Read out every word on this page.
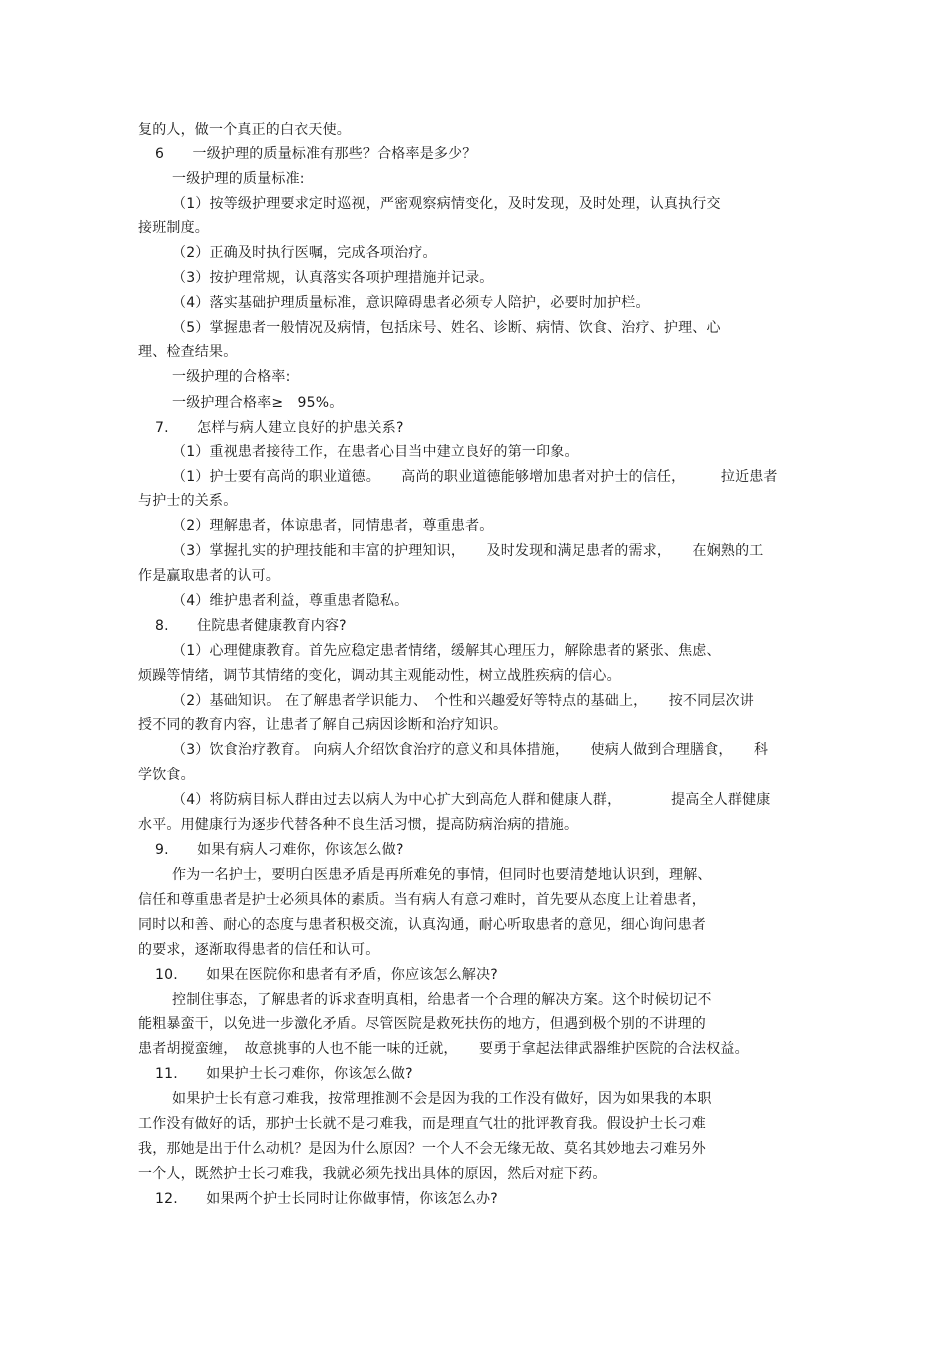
复的人，做一个真正的白衣天使。
6　　一级护理的质量标准有那些？合格率是多少？
一级护理的质量标准:
（1）按等级护理要求定时巡视，严密观察病情变化，及时发现，及时处理，认真执行交
接班制度。
（2）正确及时执行医嘱，完成各项治疗。
（3）按护理常规，认真落实各项护理措施并记录。
（4）落实基础护理质量标准，意识障碍患者必须专人陪护，必要时加护栏。
（5）掌握患者一般情况及病情，包括床号、姓名、诊断、病情、饮食、治疗、护理、心
理、检查结果。
一级护理的合格率:
一级护理合格率≥　95%。
7.　　怎样与病人建立良好的护患关系?
（1）重视患者接待工作，在患者心目当中建立良好的第一印象。
（1）护士要有高尚的职业道德。　　高尚的职业道德能够增加患者对护士的信任，　　　拉近患者
与护士的关系。
（2）理解患者，体谅患者，同情患者，尊重患者。
（3）掌握扎实的护理技能和丰富的护理知识，　　及时发现和满足患者的需求，　　在娴熟的工
作是赢取患者的认可。
（4）维护患者利益，尊重患者隐私。
8.　　住院患者健康教育内容?
（1）心理健康教育。首先应稳定患者情绪，缓解其心理压力，解除患者的紧张、焦虑、
烦躁等情绪，调节其情绪的变化，调动其主观能动性，树立战胜疾病的信心。
（2）基础知识。 在了解患者学识能力、　个性和兴趣爱好等特点的基础上，　　按不同层次讲
授不同的教育内容，让患者了解自己病因诊断和治疗知识。
（3）饮食治疗教育。 向病人介绍饮食治疗的意义和具体措施，　　使病人做到合理膳食，　　科
学饮食。
（4）将防病目标人群由过去以病人为中心扩大到高危人群和健康人群，　　　　提高全人群健康
水平。用健康行为逐步代替各种不良生活习惯，提高防病治病的措施。
9.　　如果有病人刁难你，你该怎么做?
作为一名护士，要明白医患矛盾是再所难免的事情，但同时也要清楚地认识到，理解、
信任和尊重患者是护士必须具体的素质。当有病人有意刁难时，首先要从态度上让着患者，
同时以和善、耐心的态度与患者积极交流，认真沟通，耐心听取患者的意见，细心询问患者
的要求，逐渐取得患者的信任和认可。
10.　　如果在医院你和患者有矛盾，你应该怎么解决?
控制住事态，了解患者的诉求查明真相，给患者一个合理的解决方案。这个时候切记不
能粗暴蛮干，以免进一步激化矛盾。尽管医院是救死扶伤的地方，但遇到极个别的不讲理的
患者胡搅蛮缠，　故意挑事的人也不能一味的迁就，　　要勇于拿起法律武器维护医院的合法权益。
11.　　如果护士长刁难你，你该怎么做?
如果护士长有意刁难我，按常理推测不会是因为我的工作没有做好，因为如果我的本职
工作没有做好的话，那护士长就不是刁难我，而是理直气壮的批评教育我。假设护士长刁难
我，那她是出于什么动机？是因为什么原因？一个人不会无缘无故、莫名其妙地去刁难另外
一个人，既然护士长刁难我，我就必须先找出具体的原因，然后对症下药。
12.　　如果两个护士长同时让你做事情，你该怎么办?
